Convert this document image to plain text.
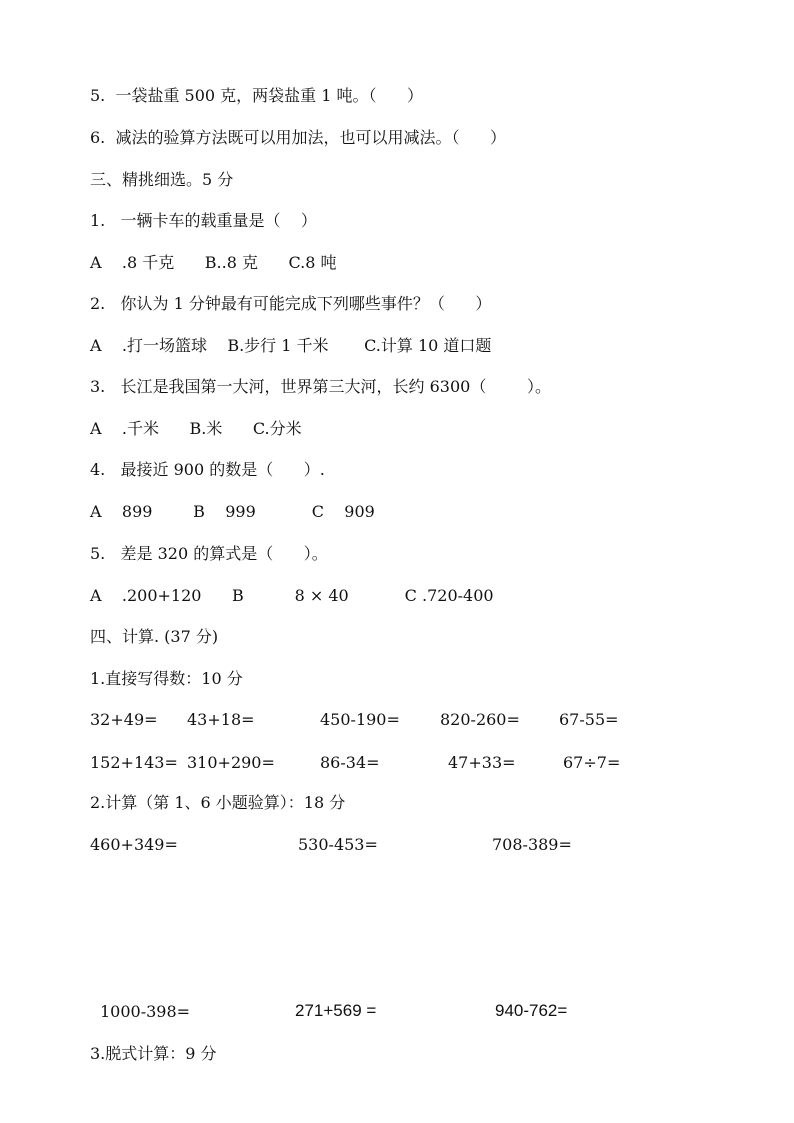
5.  一袋盐重 500 克，两袋盐重 1 吨。（      ）

6.  减法的验算方法既可以用加法，也可以用减法。（      ）

三、精挑细选。5 分

1.   一辆卡车的载重量是（    ）

A    .8 千克      B..8 克      C.8 吨

2.   你认为 1 分钟最有可能完成下列哪些事件？（      ）

A    .打一场篮球    B.步行 1 千米       C.计算 10 道口题

3.   长江是我国第一大河，世界第三大河，长约 6300（        ）。

A    .千米      B.米      C.分米

4.   最接近 900 的数是（      ）.

A    899        B    999           C    909

5.   差是 320 的算式是（      ）。

A    .200+120      B          8 × 40           C .720-400

四、计算. (37 分)

1.直接写得数：10 分

32+49= 43+18=	450-190=	820-260= 67-55=
152+143= 310+290=	86-34=	47+33=	67÷7=

2.计算（第 1、6 小题验算）：18 分

460+349=	530-453=	708-389=
1000-398=	271+569 =	940-762=

3.脱式计算：9 分
